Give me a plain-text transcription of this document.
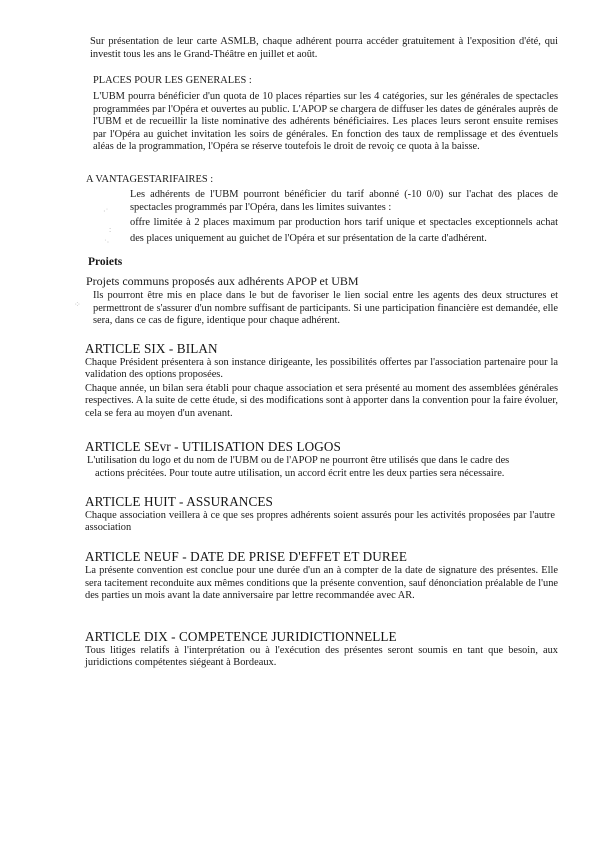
Sur présentation de leur carte ASMLB, chaque adhérent pourra accéder gratuitement à l'exposition d'été, qui investit tous les ans le Grand-Théâtre en juillet et août.
PLACES POUR LES GENERALES :
L'UBM pourra bénéficier d'un quota de 10 places réparties sur les 4 catégories, sur les générales de spectacles programmées par l'Opéra et ouvertes au public. L'APOP se chargera de diffuser les dates de générales auprès de l'UBM et de recueillir la liste nominative des adhérents bénéficiaires. Les places leurs seront ensuite remises par l'Opéra au guichet invitation les soirs de générales. En fonction des taux de remplissage et des éventuels aléas de la programmation, l'Opéra se réserve toutefois le droit de revoiç ce quota à la baisse.
A VANTAGESTARIFAIRES :
Les adhérents de l'UBM pourront bénéficier du tarif abonné (-10 0/0) sur l'achat des places de spectacles programmés par l'Opéra, dans les limites suivantes :
offre limitée à 2 places maximum par production hors tarif unique et spectacles exceptionnels achat des places uniquement au guichet de l'Opéra et sur présentation de la carte d'adhérent.
·˙
:
˙·
⁘
Proiets
Projets communs proposés aux adhérents APOP et UBM
Ils pourront être mis en place dans le but de favoriser le lien social entre les agents des deux structures et permettront de s'assurer d'un nombre suffisant de participants. Si une participation financière est demandée, elle sera, dans ce cas de figure, identique pour chaque adhérent.
ARTICLE SIX - BILAN
Chaque Président présentera à son instance dirigeante, les possibilités offertes par l'association partenaire pour la validation des options proposées.
Chaque année, un bilan sera établi pour chaque association et sera présenté au moment des assemblées générales respectives. A la suite de cette étude, si des modifications sont à apporter dans la convention pour la faire évoluer, cela se fera au moyen d'un avenant.
ARTICLE SEvr - UTILISATION DES LOGOS
L'utilisation du logo et du nom de l'UBM ou de l'APOP ne pourront être utilisés que dans le cadre des
actions précitées. Pour toute autre utilisation, un accord écrit entre les deux parties sera nécessaire.
ARTICLE HUIT - ASSURANCES
Chaque association veillera à ce que ses propres adhérents soient assurés pour les activités proposées par l'autre association
ARTICLE NEUF - DATE DE PRISE D'EFFET ET DUREE
La présente convention est conclue pour une durée d'un an à compter de la date de signature des présentes. Elle sera tacitement reconduite aux mêmes conditions que la présente convention, sauf dénonciation préalable de l'une des parties un mois avant la date anniversaire par lettre recommandée avec AR.
ARTICLE DIX - COMPETENCE JURIDICTIONNELLE
Tous litiges relatifs à l'interprétation ou à l'exécution des présentes seront soumis en tant que besoin, aux juridictions compétentes siégeant à Bordeaux.
